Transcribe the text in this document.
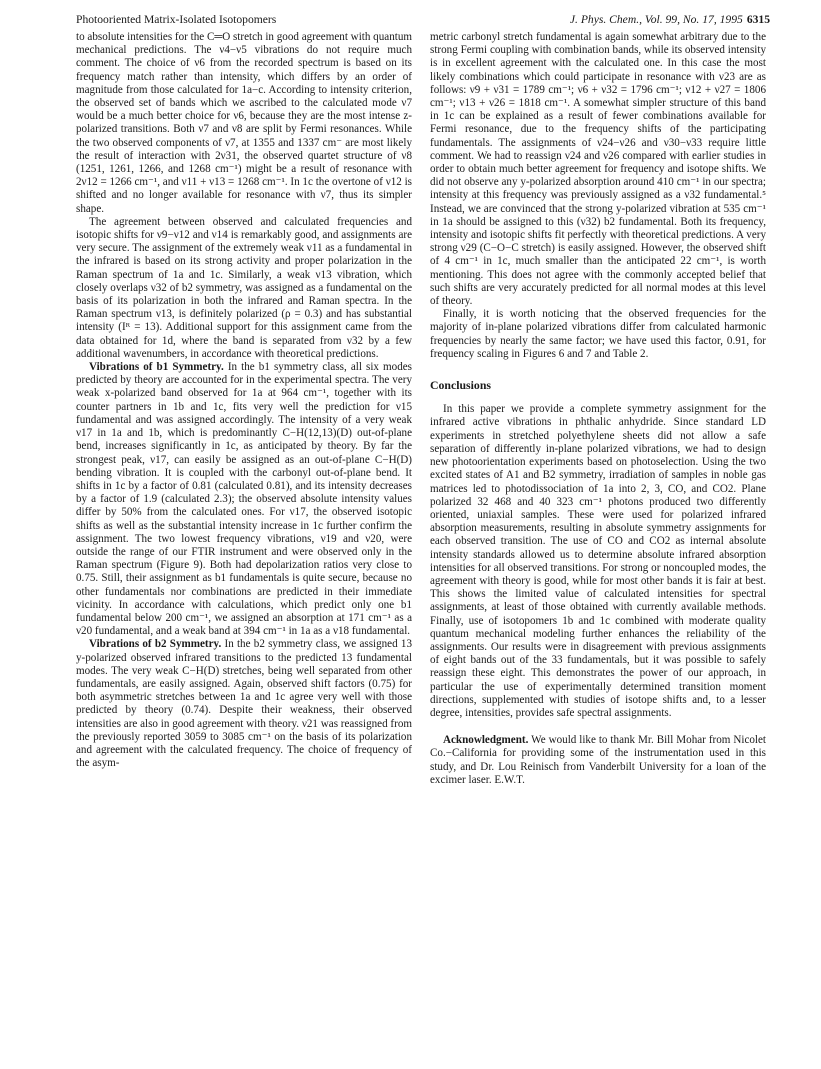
Photooriented Matrix-Isolated Isotopomers	J. Phys. Chem., Vol. 99, No. 17, 1995 6315

to absolute intensities for the C═O stretch in good agreement with quantum mechanical predictions. The ν4−ν5 vibrations do not require much comment. The choice of ν6 from the recorded spectrum is based on its frequency match rather than intensity, which differs by an order of magnitude from those calculated for 1a−c. According to intensity criterion, the observed set of bands which we ascribed to the calculated mode ν7 would be a much better choice for ν6, because they are the most intense z-polarized transitions. Both ν7 and ν8 are split by Fermi resonances. While the two observed components of ν7, at 1355 and 1337 cm⁻ are most likely the result of interaction with 2ν31, the observed quartet structure of ν8 (1251, 1261, 1266, and 1268 cm⁻¹) might be a result of resonance with 2ν12 = 1266 cm⁻¹, and ν11 + ν13 = 1268 cm⁻¹. In 1c the overtone of ν12 is shifted and no longer available for resonance with ν7, thus its simpler shape.

The agreement between observed and calculated frequencies and isotopic shifts for ν9−ν12 and ν14 is remarkably good, and assignments are very secure. The assignment of the extremely weak ν11 as a fundamental in the infrared is based on its strong activity and proper polarization in the Raman spectrum of 1a and 1c. Similarly, a weak ν13 vibration, which closely overlaps ν32 of b2 symmetry, was assigned as a fundamental on the basis of its polarization in both the infrared and Raman spectra. In the Raman spectrum ν13, is definitely polarized (ρ = 0.3) and has substantial intensity (Iᴿ = 13). Additional support for this assignment came from the data obtained for 1d, where the band is separated from ν32 by a few additional wavenumbers, in accordance with theoretical predictions.

Vibrations of b1 Symmetry. In the b1 symmetry class, all six modes predicted by theory are accounted for in the experimental spectra. The very weak x-polarized band observed for 1a at 964 cm⁻¹, together with its counter partners in 1b and 1c, fits very well the prediction for ν15 fundamental and was assigned accordingly. The intensity of a very weak ν17 in 1a and 1b, which is predominantly C−H(12,13)(D) out-of-plane bend, increases significantly in 1c, as anticipated by theory. By far the strongest peak, ν17, can easily be assigned as an out-of-plane C−H(D) bending vibration. It is coupled with the carbonyl out-of-plane bend. It shifts in 1c by a factor of 0.81 (calculated 0.81), and its intensity decreases by a factor of 1.9 (calculated 2.3); the observed absolute intensity values differ by 50% from the calculated ones. For ν17, the observed isotopic shifts as well as the substantial intensity increase in 1c further confirm the assignment. The two lowest frequency vibrations, ν19 and ν20, were outside the range of our FTIR instrument and were observed only in the Raman spectrum (Figure 9). Both had depolarization ratios very close to 0.75. Still, their assignment as b1 fundamentals is quite secure, because no other fundamentals nor combinations are predicted in their immediate vicinity. In accordance with calculations, which predict only one b1 fundamental below 200 cm⁻¹, we assigned an absorption at 171 cm⁻¹ as a ν20 fundamental, and a weak band at 394 cm⁻¹ in 1a as a ν18 fundamental.

Vibrations of b2 Symmetry. In the b2 symmetry class, we assigned 13 y-polarized observed infrared transitions to the predicted 13 fundamental modes. The very weak C−H(D) stretches, being well separated from other fundamentals, are easily assigned. Again, observed shift factors (0.75) for both asymmetric stretches between 1a and 1c agree very well with those predicted by theory (0.74). Despite their weakness, their observed intensities are also in good agreement with theory. ν21 was reassigned from the previously reported 3059 to 3085 cm⁻¹ on the basis of its polarization and agreement with the calculated frequency. The choice of frequency of the asym-

metric carbonyl stretch fundamental is again somewhat arbitrary due to the strong Fermi coupling with combination bands, while its observed intensity is in excellent agreement with the calculated one. In this case the most likely combinations which could participate in resonance with ν23 are as follows: ν9 + ν31 = 1789 cm⁻¹; ν6 + ν32 = 1796 cm⁻¹; ν12 + ν27 = 1806 cm⁻¹; ν13 + ν26 = 1818 cm⁻¹. A somewhat simpler structure of this band in 1c can be explained as a result of fewer combinations available for Fermi resonance, due to the frequency shifts of the participating fundamentals. The assignments of ν24−ν26 and ν30−ν33 require little comment. We had to reassign ν24 and ν26 compared with earlier studies in order to obtain much better agreement for frequency and isotope shifts. We did not observe any y-polarized absorption around 410 cm⁻¹ in our spectra; intensity at this frequency was previously assigned as a ν32 fundamental.⁵ Instead, we are convinced that the strong y-polarized vibration at 535 cm⁻¹ in 1a should be assigned to this (ν32) b2 fundamental. Both its frequency, intensity and isotopic shifts fit perfectly with theoretical predictions. A very strong ν29 (C−O−C stretch) is easily assigned. However, the observed shift of 4 cm⁻¹ in 1c, much smaller than the anticipated 22 cm⁻¹, is worth mentioning. This does not agree with the commonly accepted belief that such shifts are very accurately predicted for all normal modes at this level of theory.

Finally, it is worth noticing that the observed frequencies for the majority of in-plane polarized vibrations differ from calculated harmonic frequencies by nearly the same factor; we have used this factor, 0.91, for frequency scaling in Figures 6 and 7 and Table 2.

Conclusions

In this paper we provide a complete symmetry assignment for the infrared active vibrations in phthalic anhydride. Since standard LD experiments in stretched polyethylene sheets did not allow a safe separation of differently in-plane polarized vibrations, we had to design new photoorientation experiments based on photoselection. Using the two excited states of A1 and B2 symmetry, irradiation of samples in noble gas matrices led to photodissociation of 1a into 2, 3, CO, and CO2. Plane polarized 32 468 and 40 323 cm⁻¹ photons produced two differently oriented, uniaxial samples. These were used for polarized infrared absorption measurements, resulting in absolute symmetry assignments for each observed transition. The use of CO and CO2 as internal absolute intensity standards allowed us to determine absolute infrared absorption intensities for all observed transitions. For strong or noncoupled modes, the agreement with theory is good, while for most other bands it is fair at best. This shows the limited value of calculated intensities for spectral assignments, at least of those obtained with currently available methods. Finally, use of isotopomers 1b and 1c combined with moderate quality quantum mechanical modeling further enhances the reliability of the assignments. Our results were in disagreement with previous assignments of eight bands out of the 33 fundamentals, but it was possible to safely reassign these eight. This demonstrates the power of our approach, in particular the use of experimentally determined transition moment directions, supplemented with studies of isotope shifts and, to a lesser degree, intensities, provides safe spectral assignments.

Acknowledgment. We would like to thank Mr. Bill Mohar from Nicolet Co.−California for providing some of the instrumentation used in this study, and Dr. Lou Reinisch from Vanderbilt University for a loan of the excimer laser. E.W.T.
